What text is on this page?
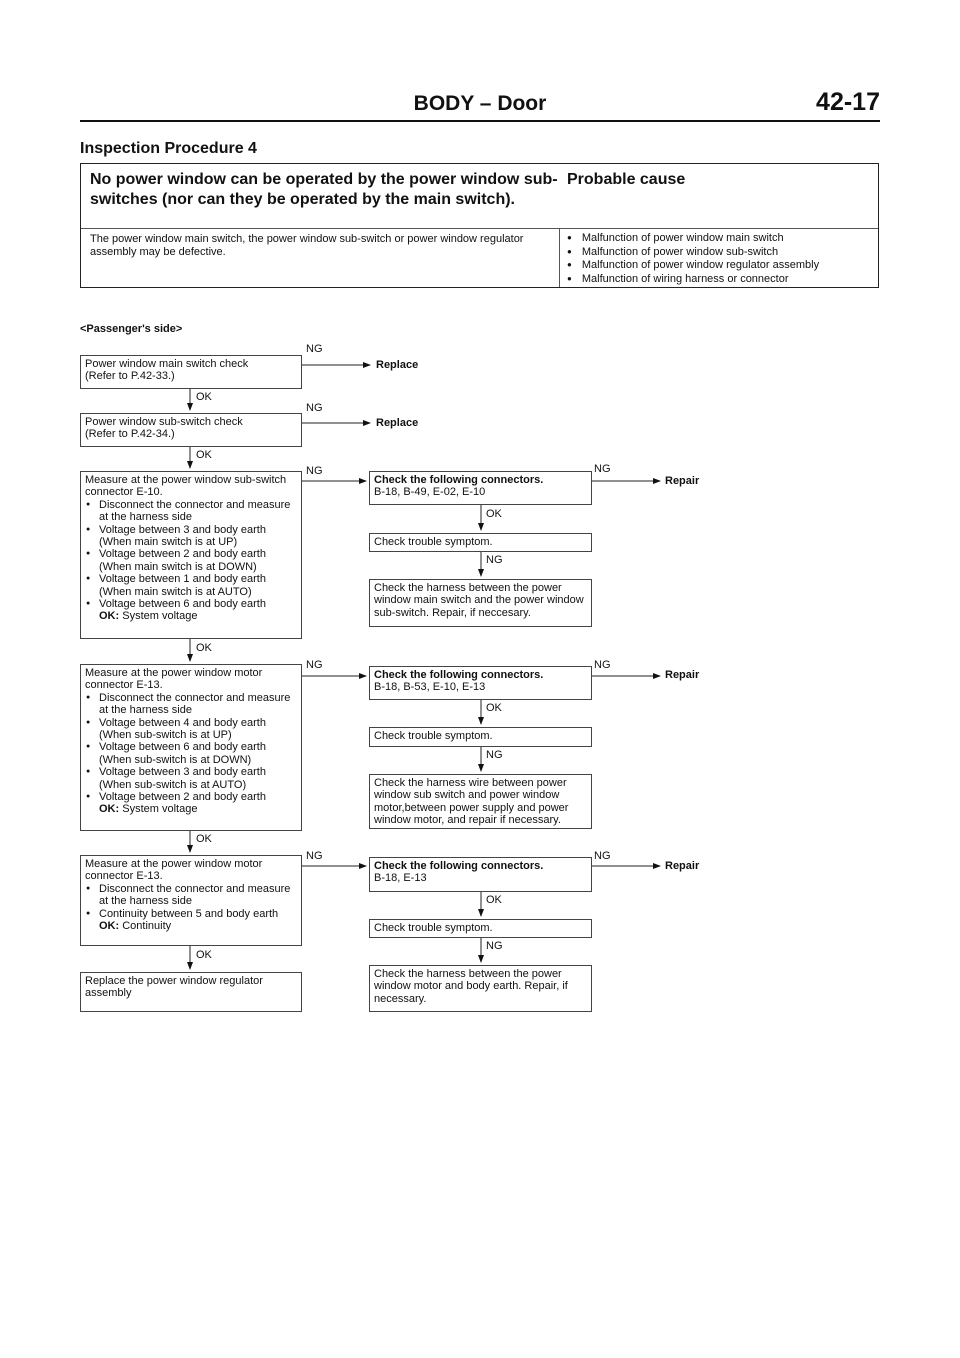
BODY – Door	42-17
Inspection Procedure 4
No power window can be operated by the power window sub-switches (nor can they be operated by the main switch).
Probable cause
The power window main switch, the power window sub-switch or power window regulator assembly may be defective.
● Malfunction of power window main switch
● Malfunction of power window sub-switch
● Malfunction of power window regulator assembly
● Malfunction of wiring harness or connector
<Passenger's side>
Power window main switch check
(Refer to P.42-33.)
Power window sub-switch check
(Refer to P.42-34.)
Measure at the power window sub-switch connector E-10.
● Disconnect the connector and measure at the harness side
● Voltage between 3 and body earth (When main switch is at UP)
● Voltage between 2 and body earth (When main switch is at DOWN)
● Voltage between 1 and body earth (When main switch is at AUTO)
● Voltage between 6 and body earth
OK: System voltage
Measure at the power window motor connector E-13.
● Disconnect the connector and measure at the harness side
● Voltage between 4 and body earth (When sub-switch is at UP)
● Voltage between 6 and body earth (When sub-switch is at DOWN)
● Voltage between 3 and body earth (When sub-switch is at AUTO)
● Voltage between 2 and body earth
OK: System voltage
Measure at the power window motor connector E-13.
● Disconnect the connector and measure at the harness side
● Continuity between 5 and body earth
OK: Continuity
Replace the power window regulator assembly
Check the following connectors.
B-18, B-49, E-02, E-10
Check trouble symptom.
Check the harness between the power window main switch and the power window sub-switch. Repair, if neccesary.
Check the following connectors.
B-18, B-53, E-10, E-13
Check trouble symptom.
Check the harness wire between power window sub switch and power window motor,between power supply and power window motor, and repair if necessary.
Check the following connectors.
B-18, E-13
Check trouble symptom.
Check the harness between the power window motor and body earth. Repair, if necessary.
NG
NG
NG
NG
NG
NG
NG
NG
NG
NG
NG
OK
OK
OK
OK
OK
OK
OK
OK
Replace
Replace
Repair
Repair
Repair
